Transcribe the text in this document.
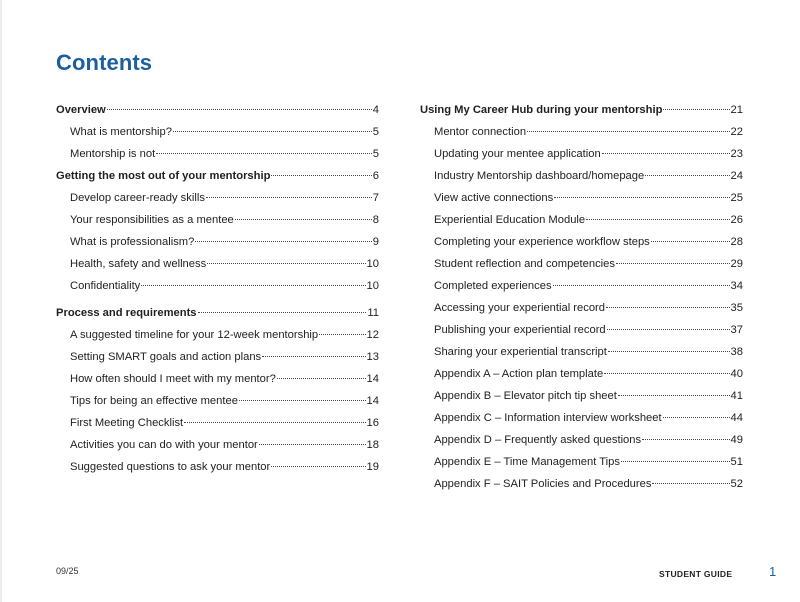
Contents
Overview	4
What is mentorship?	5
Mentorship is not	5
Getting the most out of your mentorship	6
Develop career-ready skills	7
Your responsibilities as a mentee	8
What is professionalism?	9
Health, safety and wellness	10
Confidentiality	10
Process and requirements	11
A suggested timeline for your 12-week mentorship	12
Setting SMART goals and action plans	13
How often should I meet with my mentor?	14
Tips for being an effective mentee	14
First Meeting Checklist	16
Activities you can do with your mentor	18
Suggested questions to ask your mentor	19
Using My Career Hub during your mentorship	21
Mentor connection	22
Updating your mentee application	23
Industry Mentorship dashboard/homepage	24
View active connections	25
Experiential Education Module	26
Completing your experience workflow steps	28
Student reflection and competencies	29
Completed experiences	34
Accessing your experiential record	35
Publishing your experiential record	37
Sharing your experiential transcript	38
Appendix A – Action plan template	40
Appendix B – Elevator pitch tip sheet	41
Appendix C – Information interview worksheet	44
Appendix D – Frequently asked questions	49
Appendix E – Time Management Tips	51
Appendix F – SAIT Policies and Procedures	52
09/25	STUDENT GUIDE	1
